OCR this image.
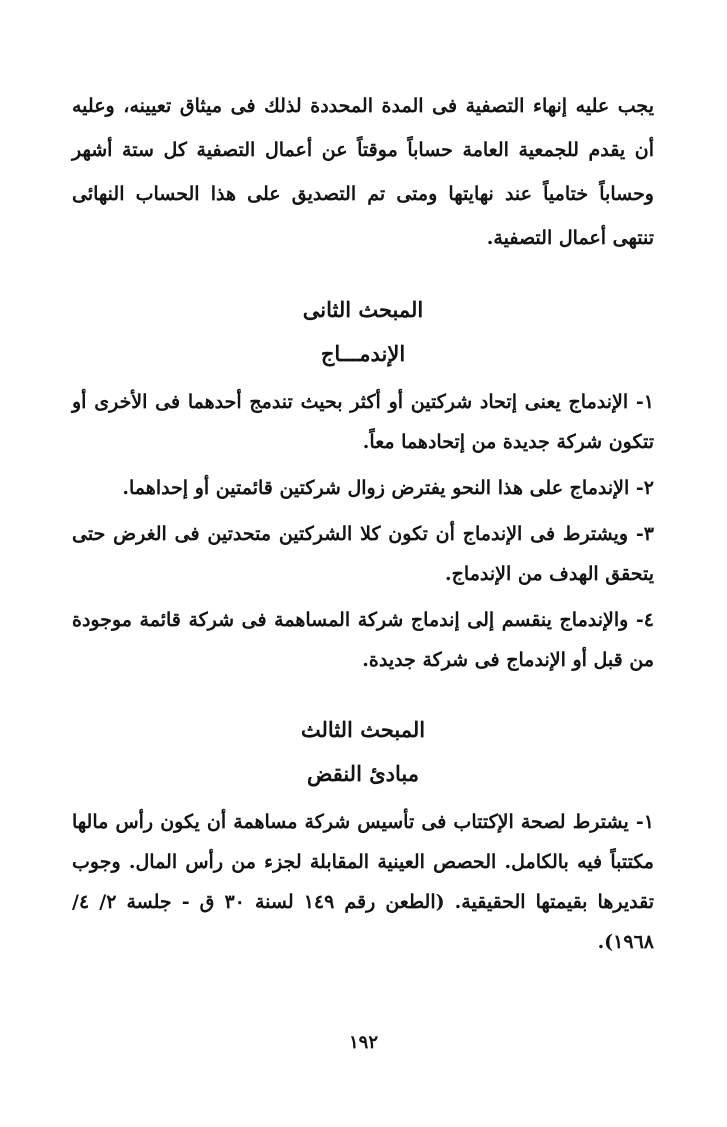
يجب عليه إنهاء التصفية فى المدة المحددة لذلك فى ميثاق تعيينه، وعليه أن يقدم للجمعية العامة حساباً موقتاً عن أعمال التصفية كل ستة أشهر وحساباً ختامياً عند نهايتها ومتى تم التصديق على هذا الحساب النهائى تنتهى أعمال التصفية.

المبحث الثانى
الإندمـــاج

١- الإندماج يعنى إتحاد شركتين أو أكثر بحيث تندمج أحدهما فى الأخرى أو تتكون شركة جديدة من إتحادهما معاً.

٢- الإندماج على هذا النحو يفترض زوال شركتين قائمتين أو إحداهما.

٣- ويشترط فى الإندماج أن تكون كلا الشركتين متحدتين فى الغرض حتى يتحقق الهدف من الإندماج.

٤- والإندماج ينقسم إلى إندماج شركة المساهمة فى شركة قائمة موجودة من قبل أو الإندماج فى شركة جديدة.

المبحث الثالث
مبادئ النقض

١- يشترط لصحة الإكتتاب فى تأسيس شركة مساهمة أن يكون رأس مالها مكتتباً فيه بالكامل. الحصص العينية المقابلة لجزء من رأس المال. وجوب تقديرها بقيمتها الحقيقية. (الطعن رقم ١٤٩ لسنة ٣٠ ق - جلسة ٢/ ٤/ ١٩٦٨).

١٩٢
